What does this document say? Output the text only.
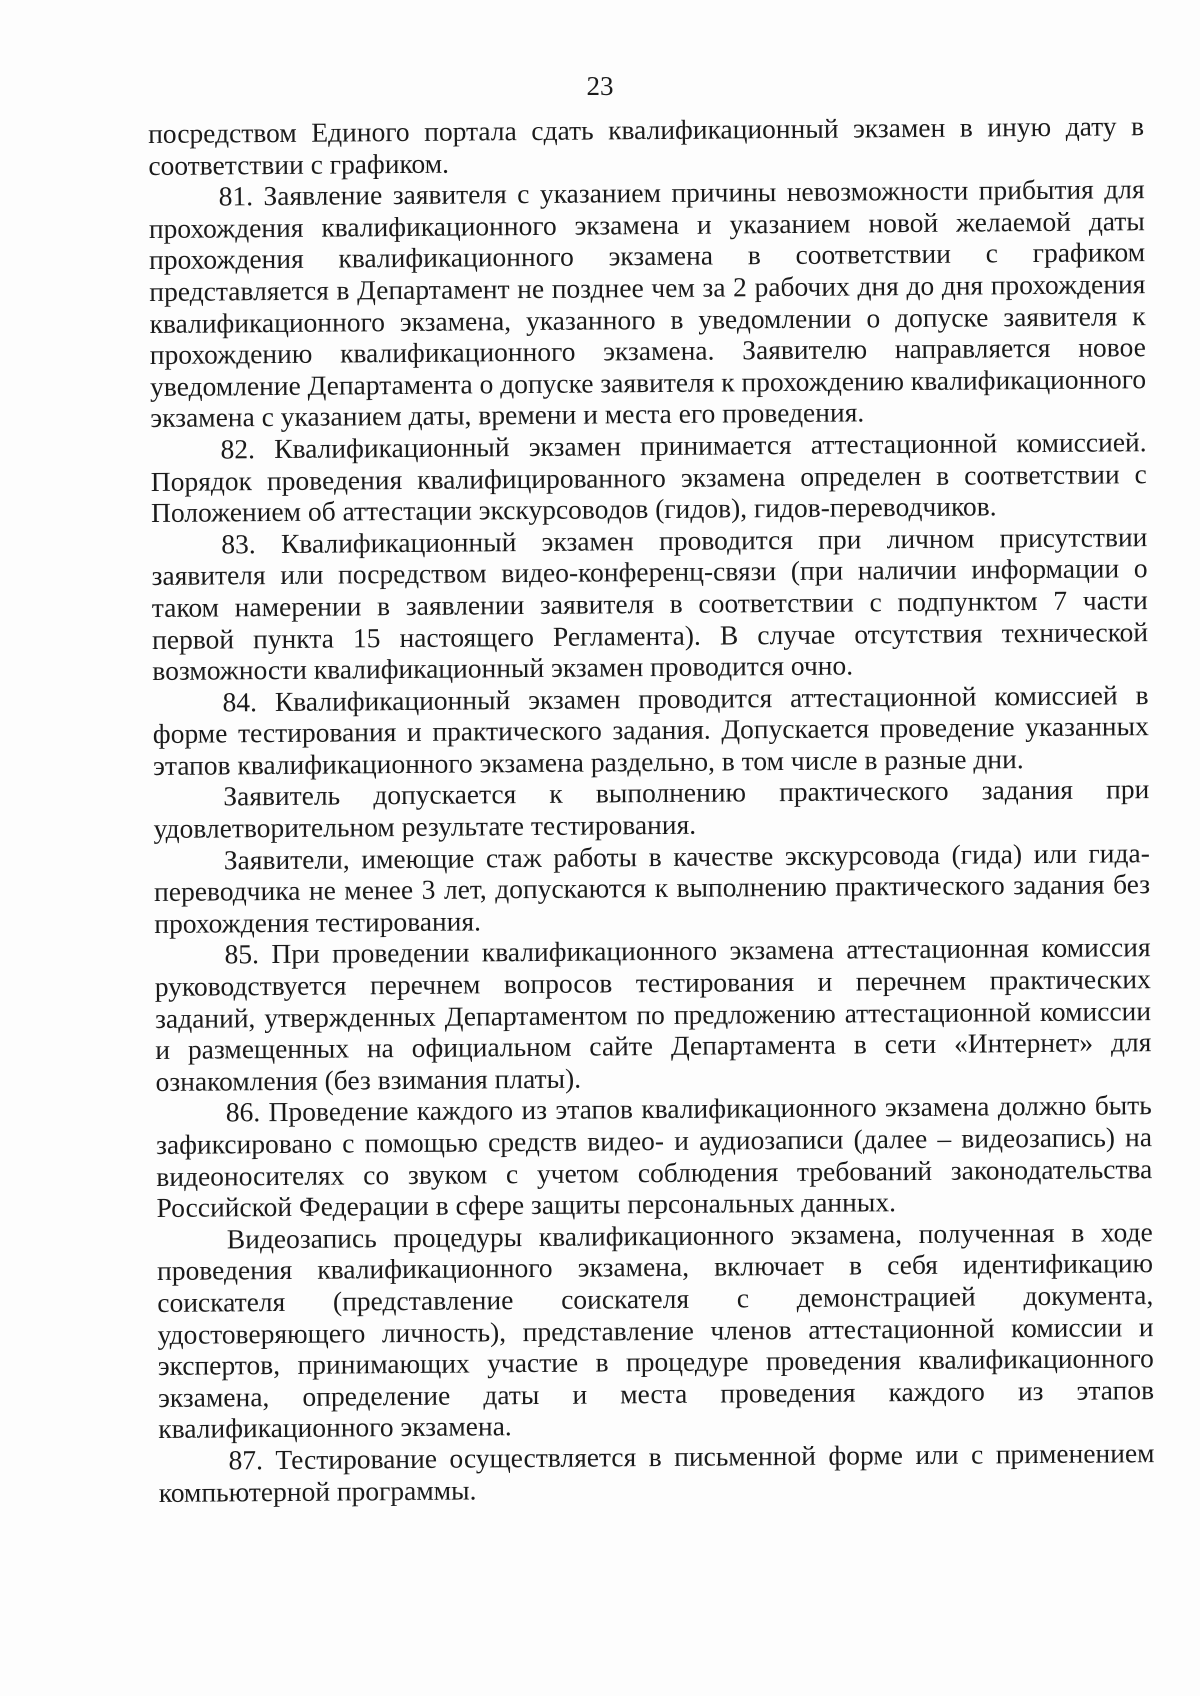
23

посредством Единого портала сдать квалификационный экзамен в иную дату в соответствии с графиком.

81. Заявление заявителя с указанием причины невозможности прибытия для прохождения квалификационного экзамена и указанием новой желаемой даты прохождения квалификационного экзамена в соответствии с графиком представляется в Департамент не позднее чем за 2 рабочих дня до дня прохождения квалификационного экзамена, указанного в уведомлении о допуске заявителя к прохождению квалификационного экзамена. Заявителю направляется новое уведомление Департамента о допуске заявителя к прохождению квалификационного экзамена с указанием даты, времени и места его проведения.

82. Квалификационный экзамен принимается аттестационной комиссией. Порядок проведения квалифицированного экзамена определен в соответствии с Положением об аттестации экскурсоводов (гидов), гидов-переводчиков.

83. Квалификационный экзамен проводится при личном присутствии заявителя или посредством видео-конференц-связи (при наличии информации о таком намерении в заявлении заявителя в соответствии с подпунктом 7 части первой пункта 15 настоящего Регламента). В случае отсутствия технической возможности квалификационный экзамен проводится очно.

84. Квалификационный экзамен проводится аттестационной комиссией в форме тестирования и практического задания. Допускается проведение указанных этапов квалификационного экзамена раздельно, в том числе в разные дни.

Заявитель допускается к выполнению практического задания при удовлетворительном результате тестирования.

Заявители, имеющие стаж работы в качестве экскурсовода (гида) или гида-переводчика не менее 3 лет, допускаются к выполнению практического задания без прохождения тестирования.

85. При проведении квалификационного экзамена аттестационная комиссия руководствуется перечнем вопросов тестирования и перечнем практических заданий, утвержденных Департаментом по предложению аттестационной комиссии и размещенных на официальном сайте Департамента в сети «Интернет» для ознакомления (без взимания платы).

86. Проведение каждого из этапов квалификационного экзамена должно быть зафиксировано с помощью средств видео- и аудиозаписи (далее – видеозапись) на видеоносителях со звуком с учетом соблюдения требований законодательства Российской Федерации в сфере защиты персональных данных.

Видеозапись процедуры квалификационного экзамена, полученная в ходе проведения квалификационного экзамена, включает в себя идентификацию соискателя (представление соискателя с демонстрацией документа, удостоверяющего личность), представление членов аттестационной комиссии и экспертов, принимающих участие в процедуре проведения квалификационного экзамена, определение даты и места проведения каждого из этапов квалификационного экзамена.

87. Тестирование осуществляется в письменной форме или с применением компьютерной программы.
